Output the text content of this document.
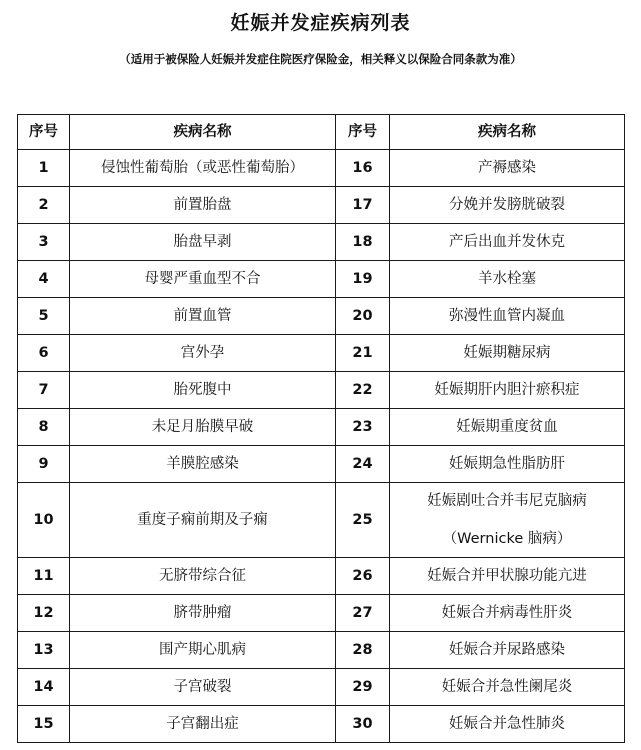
妊娠并发症疾病列表
（适用于被保险人妊娠并发症住院医疗保险金，相关释义以保险合同条款为准）
序号	疾病名称	序号	疾病名称
1	侵蚀性葡萄胎（或恶性葡萄胎）	16	产褥感染
2	前置胎盘	17	分娩并发膀胱破裂
3	胎盘早剥	18	产后出血并发休克
4	母婴严重血型不合	19	羊水栓塞
5	前置血管	20	弥漫性血管内凝血
6	宫外孕	21	妊娠期糖尿病
7	胎死腹中	22	妊娠期肝内胆汁瘀积症
8	未足月胎膜早破	23	妊娠期重度贫血
9	羊膜腔感染	24	妊娠期急性脂肪肝
10	重度子痫前期及子痫	25	妊娠剧吐合并韦尼克脑病
（Wernicke 脑病）

11	无脐带综合征	26	妊娠合并甲状腺功能亢进
12	脐带肿瘤	27	妊娠合并病毒性肝炎
13	围产期心肌病	28	妊娠合并尿路感染
14	子宫破裂	29	妊娠合并急性阑尾炎
15	子宫翻出症	30	妊娠合并急性肺炎
